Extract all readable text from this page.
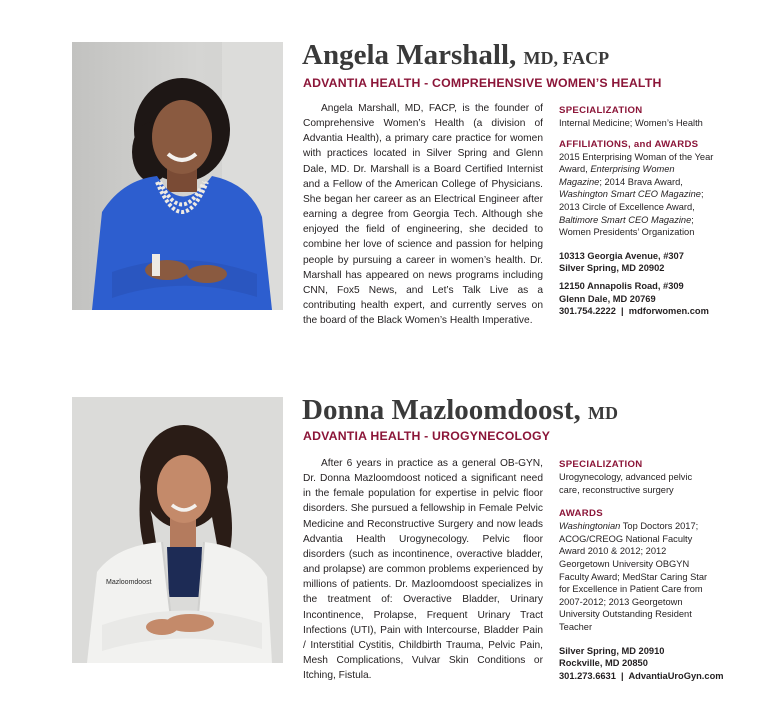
Angela Marshall, MD, FACP
ADVANTIA HEALTH - COMPREHENSIVE WOMEN’S HEALTH

Angela Marshall, MD, FACP, is the founder of Comprehensive Women’s Health (a division of Advantia Health), a primary care practice for women with practices located in Silver Spring and Glenn Dale, MD. Dr. Marshall is a Board Certified Internist and a Fellow of the American College of Physicians. She began her career as an Electrical Engineer after earning a degree from Georgia Tech. Although she enjoyed the field of engineering, she decided to combine her love of science and passion for helping people by pursuing a career in women’s health. Dr. Marshall has appeared on news programs including CNN, Fox5 News, and Let’s Talk Live as a contributing health expert, and currently serves on the board of the Black Women’s Health Imperative.

SPECIALIZATION

Internal Medicine; Women’s Health

AFFILIATIONS, and AWARDS

2015 Enterprising Woman of the Year Award, Enterprising Women Magazine; 2014 Brava Award, Washington Smart CEO Magazine; 2013 Circle of Excellence Award, Baltimore Smart CEO Magazine; Women Presidents’ Organization

10313 Georgia Avenue, #307

Silver Spring, MD 20902

12150 Annapolis Road, #309

Glenn Dale, MD 20769

301.754.2222  |  mdforwomen.com

Mazloomdoost
Donna Mazloomdoost, MD
ADVANTIA HEALTH - UROGYNECOLOGY

After 6 years in practice as a general OB-GYN, Dr. Donna Mazloomdoost noticed a significant need in the female population for expertise in pelvic floor disorders. She pursued a fellowship in Female Pelvic Medicine and Reconstructive Surgery and now leads Advantia Health Urogynecology. Pelvic floor disorders (such as incontinence, overactive bladder, and prolapse) are common problems experienced by millions of patients. Dr. Mazloomdoost specializes in the treatment of: Overactive Bladder, Urinary Incontinence, Prolapse, Frequent Urinary Tract Infections (UTI), Pain with Intercourse, Bladder Pain / Interstitial Cystitis, Childbirth Trauma, Pelvic Pain, Mesh Complications, Vulvar Skin Conditions or Itching, Fistula.

SPECIALIZATION

Urogynecology, advanced pelvic care, reconstructive surgery

AWARDS

Washingtonian Top Doctors 2017; ACOG/CREOG National Faculty Award 2010 & 2012; 2012 Georgetown University OBGYN Faculty Award; MedStar Caring Star for Excellence in Patient Care from 2007-2012; 2013 Georgetown University Outstanding Resident Teacher

Silver Spring, MD 20910

Rockville, MD 20850

301.273.6631  |  AdvantiaUroGyn.com
